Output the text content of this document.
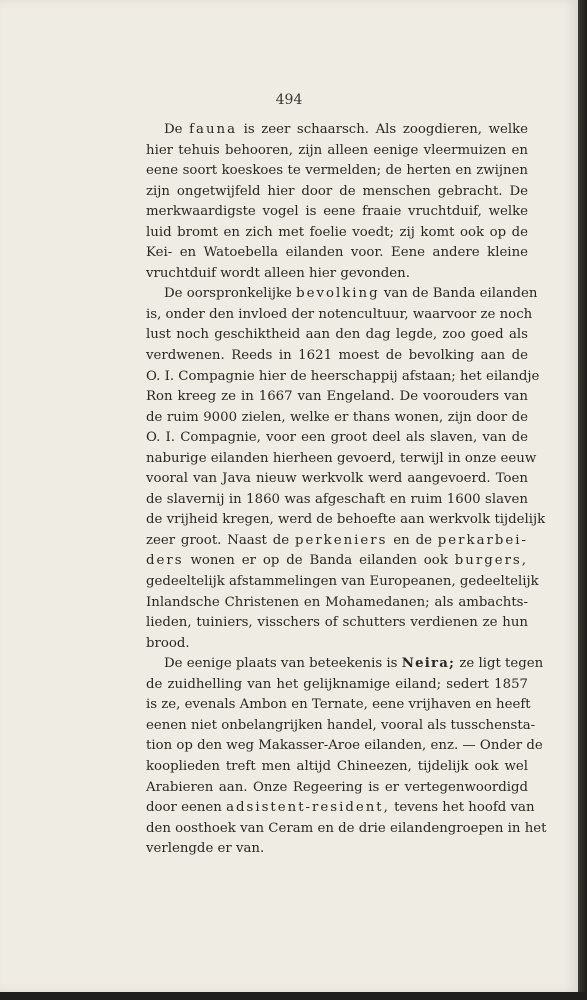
494
De fauna is zeer schaarsch. Als zoogdieren, welke
hier tehuis behooren, zijn alleen eenige vleermuizen en
eene soort koeskoes te vermelden; de herten en zwijnen
zijn ongetwijfeld hier door de menschen gebracht. De
merkwaardigste vogel is eene fraaie vruchtduif, welke
luid bromt en zich met foelie voedt; zij komt ook op de
Kei- en Watoebella eilanden voor. Eene andere kleine
vruchtduif wordt alleen hier gevonden.
De oorspronkelijke bevolking van de Banda eilanden
is, onder den invloed der notencultuur, waarvoor ze noch
lust noch geschiktheid aan den dag legde, zoo goed als
verdwenen. Reeds in 1621 moest de bevolking aan de
O. I. Compagnie hier de heerschappij afstaan; het eilandje
Ron kreeg ze in 1667 van Engeland. De voorouders van
de ruim 9000 zielen, welke er thans wonen, zijn door de
O. I. Compagnie, voor een groot deel als slaven, van de
naburige eilanden hierheen gevoerd, terwijl in onze eeuw
vooral van Java nieuw werkvolk werd aangevoerd. Toen
de slavernij in 1860 was afgeschaft en ruim 1600 slaven
de vrijheid kregen, werd de behoefte aan werkvolk tijdelijk
zeer groot. Naast de perkeniers en de perkarbei-
ders wonen er op de Banda eilanden ook burgers,
gedeeltelijk afstammelingen van Europeanen, gedeeltelijk
Inlandsche Christenen en Mohamedanen; als ambachts-
lieden, tuiniers, visschers of schutters verdienen ze hun
brood.
De eenige plaats van beteekenis is Neira; ze ligt tegen
de zuidhelling van het gelijknamige eiland; sedert 1857
is ze, evenals Ambon en Ternate, eene vrijhaven en heeft
eenen niet onbelangrijken handel, vooral als tusschensta-
tion op den weg Makasser-Aroe eilanden, enz. — Onder de
kooplieden treft men altijd Chineezen, tijdelijk ook wel
Arabieren aan. Onze Regeering is er vertegenwoordigd
door eenen adsistent-resident, tevens het hoofd van
den oosthoek van Ceram en de drie eilandengroepen in het
verlengde er van.
